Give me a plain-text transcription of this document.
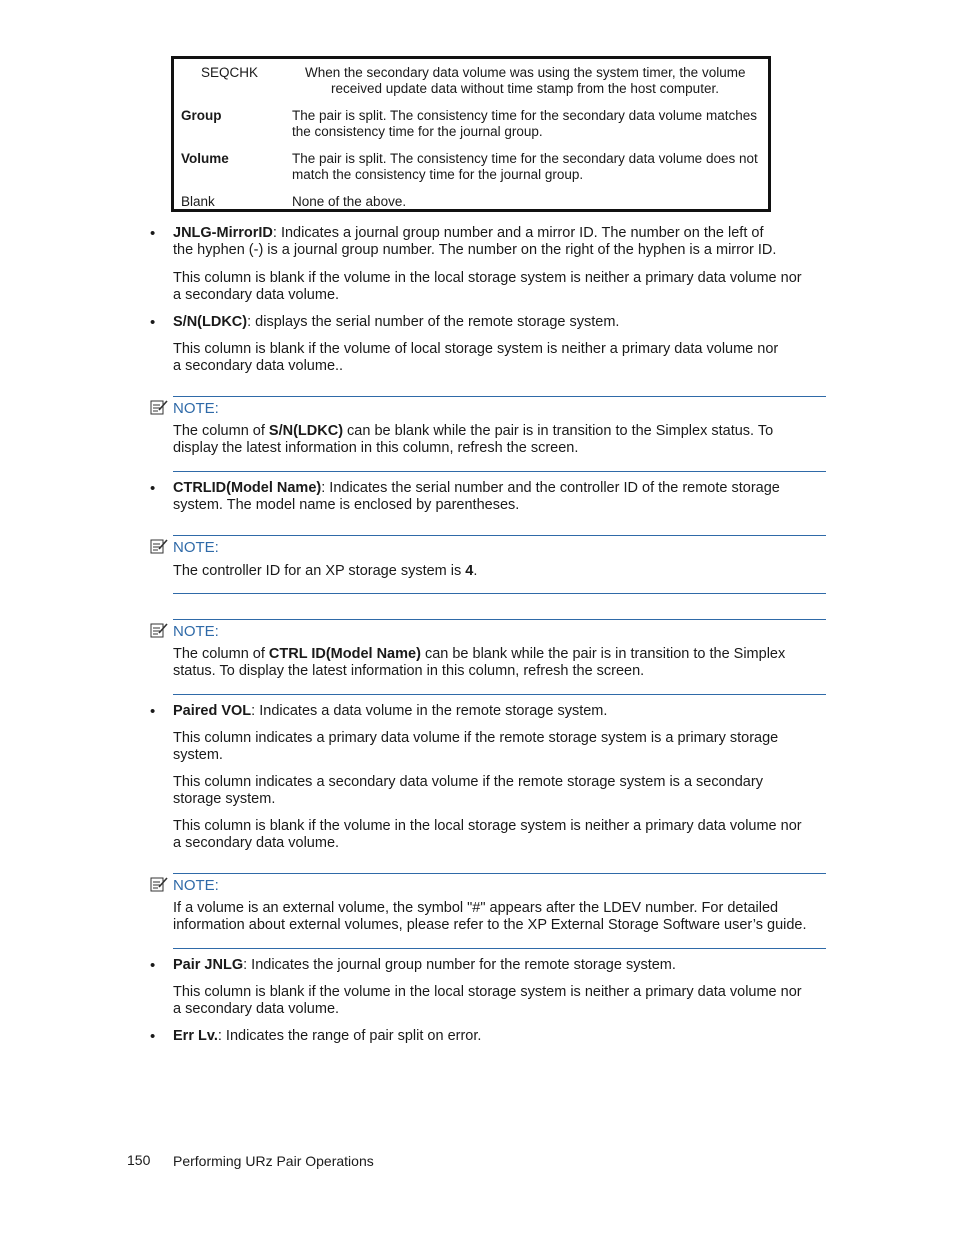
SEQCHK	When the secondary data volume was using the system timer, the volume
received update data without time stamp from the host computer.
Group	The pair is split. The consistency time for the secondary data volume matches
the consistency time for the journal group.
Volume	The pair is split. The consistency time for the secondary data volume does not
match the consistency time for the journal group.
Blank	None of the above.
• JNLG-MirrorID: Indicates a journal group number and a mirror ID. The number on the left of
the hyphen (-) is a journal group number. The number on the right of the hyphen is a mirror ID.
This column is blank if the volume in the local storage system is neither a primary data volume nor
a secondary data volume.
• S/N(LDKC): displays the serial number of the remote storage system.
This column is blank if the volume of local storage system is neither a primary data volume nor
a secondary data volume..
NOTE:
The column of S/N(LDKC) can be blank while the pair is in transition to the Simplex status. To
display the latest information in this column, refresh the screen.
• CTRLID(Model Name): Indicates the serial number and the controller ID of the remote storage
system. The model name is enclosed by parentheses.
NOTE:
The controller ID for an XP storage system is 4.
NOTE:
The column of CTRL ID(Model Name) can be blank while the pair is in transition to the Simplex
status. To display the latest information in this column, refresh the screen.
• Paired VOL: Indicates a data volume in the remote storage system.
This column indicates a primary data volume if the remote storage system is a primary storage
system.
This column indicates a secondary data volume if the remote storage system is a secondary
storage system.
This column is blank if the volume in the local storage system is neither a primary data volume nor
a secondary data volume.
NOTE:
If a volume is an external volume, the symbol "#" appears after the LDEV number. For detailed
information about external volumes, please refer to the XP External Storage Software user’s guide.
• Pair JNLG: Indicates the journal group number for the remote storage system.
This column is blank if the volume in the local storage system is neither a primary data volume nor
a secondary data volume.
• Err Lv.: Indicates the range of pair split on error.
150 Performing URz Pair Operations
